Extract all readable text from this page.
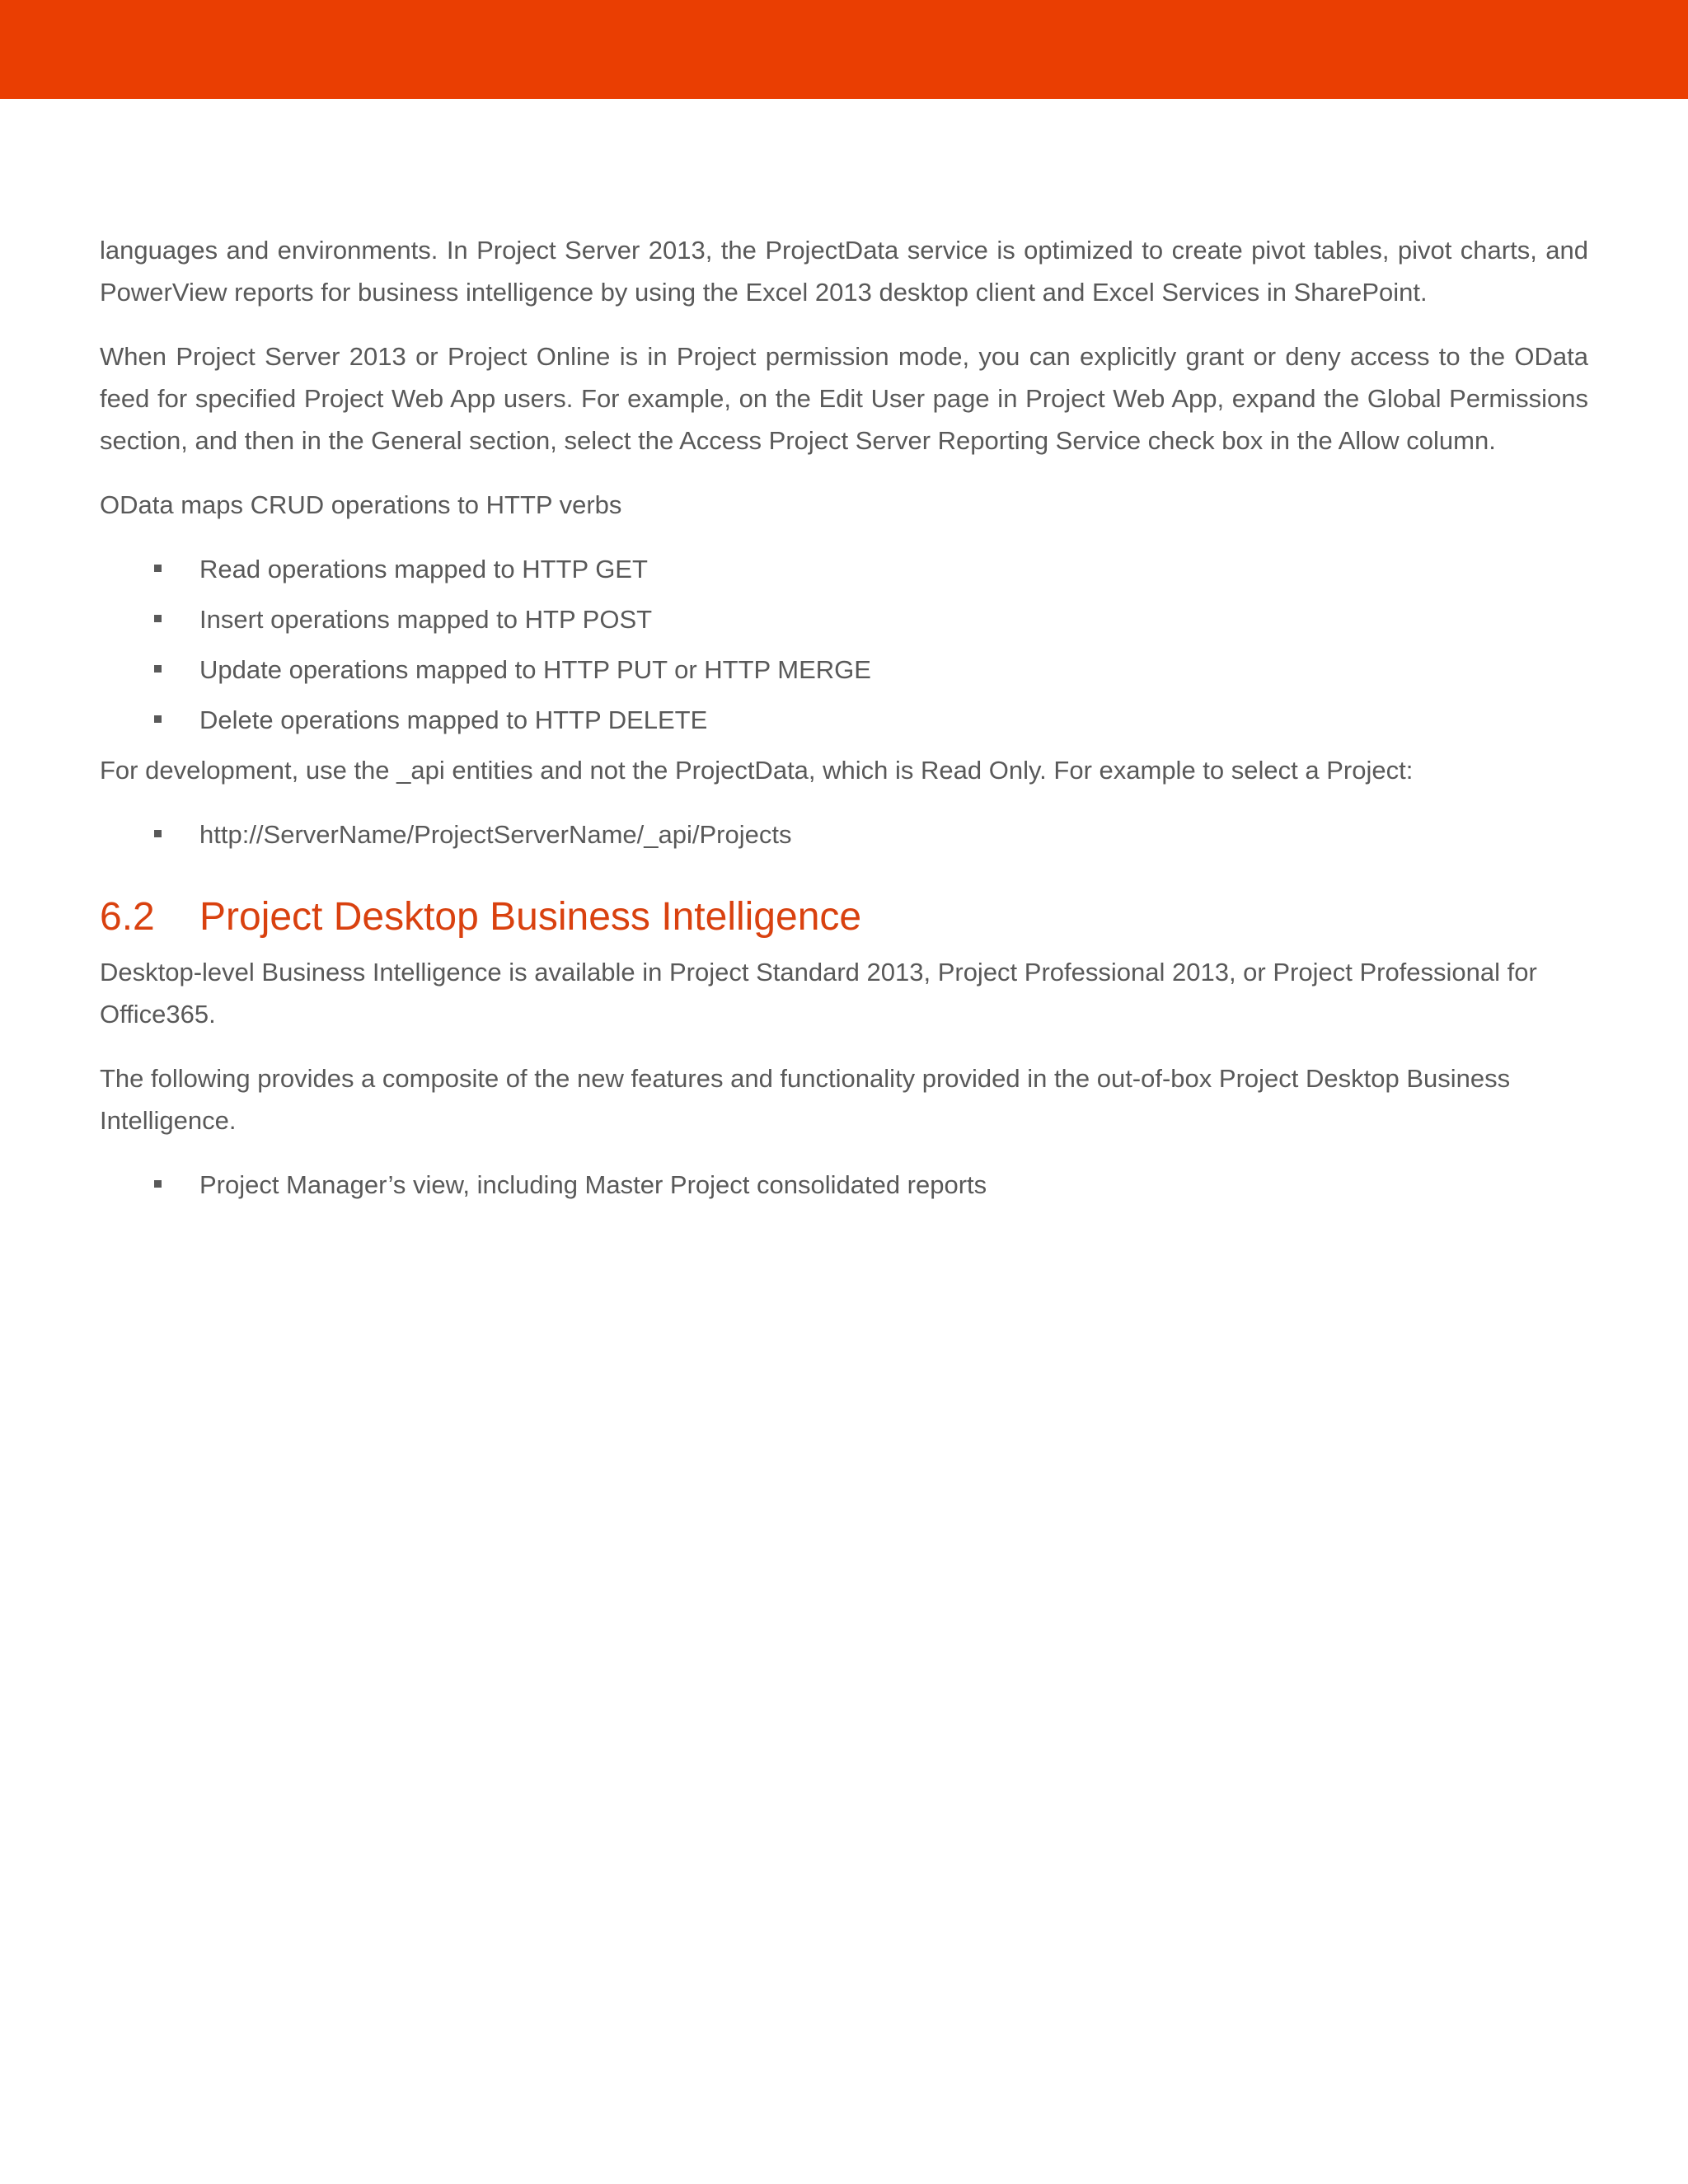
languages and environments. In Project Server 2013, the ProjectData service is optimized to create pivot tables, pivot charts, and PowerView reports for business intelligence by using the Excel 2013 desktop client and Excel Services in SharePoint.

When Project Server 2013 or Project Online is in Project permission mode, you can explicitly grant or deny access to the OData feed for specified Project Web App users. For example, on the Edit User page in Project Web App, expand the Global Permissions section, and then in the General section, select the Access Project Server Reporting Service check box in the Allow column.

OData maps CRUD operations to HTTP verbs

Read operations mapped to HTTP GET
Insert operations mapped to HTP POST
Update operations mapped to HTTP PUT or HTTP MERGE
Delete operations mapped to HTTP DELETE

For development, use the _api entities and not the ProjectData, which is Read Only. For example to select a Project:

http://ServerName/ProjectServerName/_api/Projects
6.2 Project Desktop Business Intelligence

Desktop-level Business Intelligence is available in Project Standard 2013, Project Professional 2013, or Project Professional for Office365.

The following provides a composite of the new features and functionality provided in the out-of-box Project Desktop Business Intelligence.

Project Manager’s view, including Master Project consolidated reports
